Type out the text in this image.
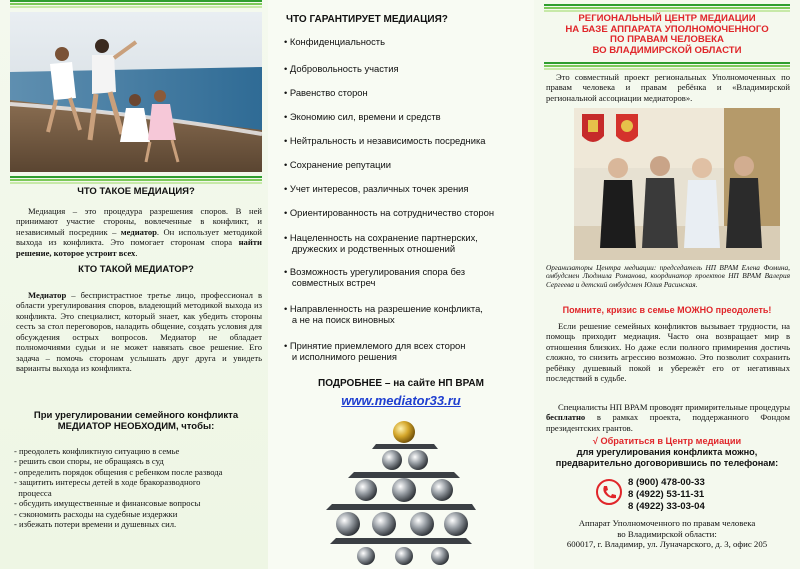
ЧТО ТАКОЕ МЕДИАЦИЯ?

Медиация – это процедура разрешения споров. В ней принимают участие стороны, вовлеченные в конфликт, и независимый посредник – медиатор. Он использует методикой выхода из конфликта. Это помогает сторонам спора найти решение, которое устроит всех.

КТО ТАКОЙ МЕДИАТОР?

Медиатор – беспристрастное третье лицо, профессионал в области урегулирования споров, владеющий методикой выхода из конфликта. Это специалист, который знает, как убедить стороны сесть за стол переговоров, наладить общение, создать условия для обсуждения острых вопросов. Медиатор не обладает полномочиями судьи и не может навязать свое решение. Его задача – помочь сторонам услышать друг друга и увидеть варианты выхода из конфликта.

При урегулировании семейного конфликта
МЕДИАТОР НЕОБХОДИМ, чтобы:
- преодолеть конфликтную ситуацию в семье
- решить свои споры, не обращаясь в суд
- определить порядок общения с ребенком после развода
- защитить интересы детей в ходе бракоразводного
процесса
- обсудить имущественные и финансовые вопросы
- сэкономить расходы на судебные издержки
- избежать потери времени и душевных сил.
ЧТО ГАРАНТИРУЕТ МЕДИАЦИЯ?
• Конфиденциальность
• Добровольность участия
• Равенство сторон
• Экономию сил, времени и средств
• Нейтральность и независимость посредника
• Сохранение репутации
• Учет интересов, различных точек зрения
• Ориентированность на сотрудничество сторон
• Нацеленность на сохранение партнерских,
дружеских и родственных отношений
• Возможность урегулирования спора без
совместных встреч
• Направленность на разрешение конфликта,
а не на поиск виновных
• Принятие приемлемого для всех сторон
и исполнимого решения
ПОДРОБНЕЕ – на сайте НП ВРАМ
www.mediator33.ru
РЕГИОНАЛЬНЫЙ ЦЕНТР МЕДИАЦИИ
НА БАЗЕ АППАРАТА УПОЛНОМОЧЕННОГО
ПО ПРАВАМ ЧЕЛОВЕКА
ВО ВЛАДИМИРСКОЙ ОБЛАСТИ

Это совместный проект региональных Уполномоченных по правам человека и правам ребёнка и «Владимирской региональной ассоциации медиаторов».

Организаторы Центра медиации: председатель НП ВРАМ Елена Фомина, омбудсмен Людмила Романова, координатор проектов НП ВРАМ Валерия Сергеева и детский омбудсмен Юлия Расинская.

Помните, кризис в семье МОЖНО преодолеть!

Если решение семейных конфликтов вызывает трудности, на помощь приходит медиация. Часто она возвращает мир в отношения близких. Но даже если полного примирения достичь сложно, то снизить агрессию возможно. Это позволит сохранить ребёнку душевный покой и убережёт его от негативных последствий в судьбе.

Специалисты НП ВРАМ проводят примирительные процедуры бесплатно в рамках проекта, поддержанного Фондом президентских грантов.

√ Обратиться в Центр медиации
для урегулирования конфликта можно,
предварительно договорившись по телефонам:
8 (900) 478-00-33
8 (4922) 53-11-31
8 (4922) 33-03-04
Аппарат Уполномоченного по правам человека
во Владимирской области:
600017, г. Владимир, ул. Луначарского, д. 3, офис 205
